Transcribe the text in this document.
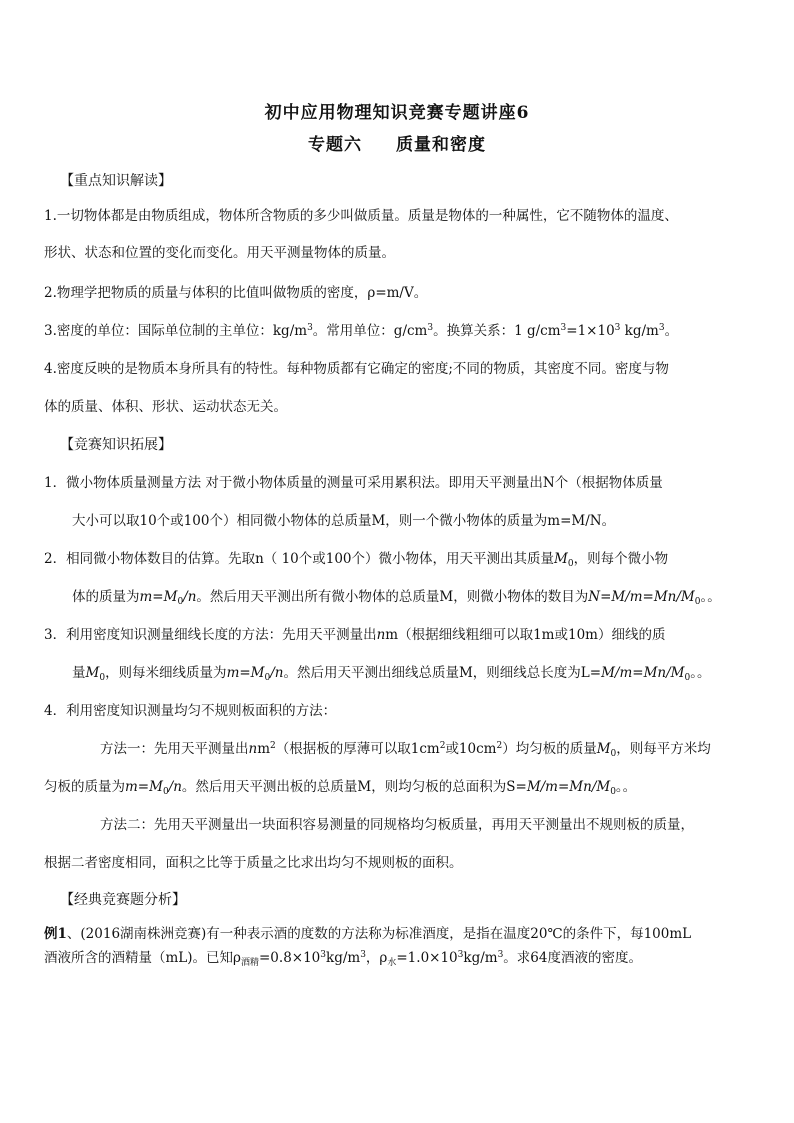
初中应用物理知识竞赛专题讲座6
专题六 质量和密度
【重点知识解读】
1.一切物体都是由物质组成，物体所含物质的多少叫做质量。质量是物体的一种属性，它不随物体的温度、
形状、状态和位置的变化而变化。用天平测量物体的质量。
2.物理学把物质的质量与体积的比值叫做物质的密度，ρ=m/V。
3.密度的单位：国际单位制的主单位：$kg/m^3$。常用单位：$g/cm^3$。换算关系：1 $g/cm^3=1\times 10^3$ $kg/m^3$。
4.密度反映的是物质本身所具有的特性。每种物质都有它确定的密度;不同的物质，其密度不同。密度与物
体的质量、体积、形状、运动状态无关。
【竞赛知识拓展】
1．微小物体质量测量方法 对于微小物体质量的测量可采用累积法。即用天平测量出N个（根据物体质量
大小可以取10个或100个）相同微小物体的总质量M，则一个微小物体的质量为m=M/N。
2．相同微小物体数目的估算。先取n（ 10个或100个）微小物体，用天平测出其质量$M_0$，则每个微小物
体的质量为$m=M_0/n$。然后用天平测出所有微小物体的总质量M，则微小物体的数目为$N=M/m=Mn/M_0$。。
3．利用密度知识测量细线长度的方法：先用天平测量出nm（根据细线粗细可以取1m或10m）细线的质
量$M_0$，则每米细线质量为$m=M_0/n$。然后用天平测出细线总质量M，则细线总长度为$L=M/m=Mn/M_0$。。
4．利用密度知识测量均匀不规则板面积的方法：
方法一：先用天平测量出$nm^2$（根据板的厚薄可以取$1cm^2$或$10cm^2$）均匀板的质量$M_0$，则每平方米均
匀板的质量为$m=M_0/n$。然后用天平测出板的总质量M，则均匀板的总面积为$S=M/m=Mn/M_0$。。
方法二：先用天平测量出一块面积容易测量的同规格均匀板质量，再用天平测量出不规则板的质量，
根据二者密度相同，面积之比等于质量之比求出均匀不规则板的面积。
【经典竞赛题分析】
例1、(2016湖南株洲竞赛)有一种表示酒的度数的方法称为标准酒度，是指在温度20℃的条件下，每100mL
酒液所含的酒精量（mL)。已知$\rho_{酒精}=0.8\times 10^3kg/m^3$，$\rho_水=1.0\times 10^3kg/m^3$。求64度酒液的密度。
